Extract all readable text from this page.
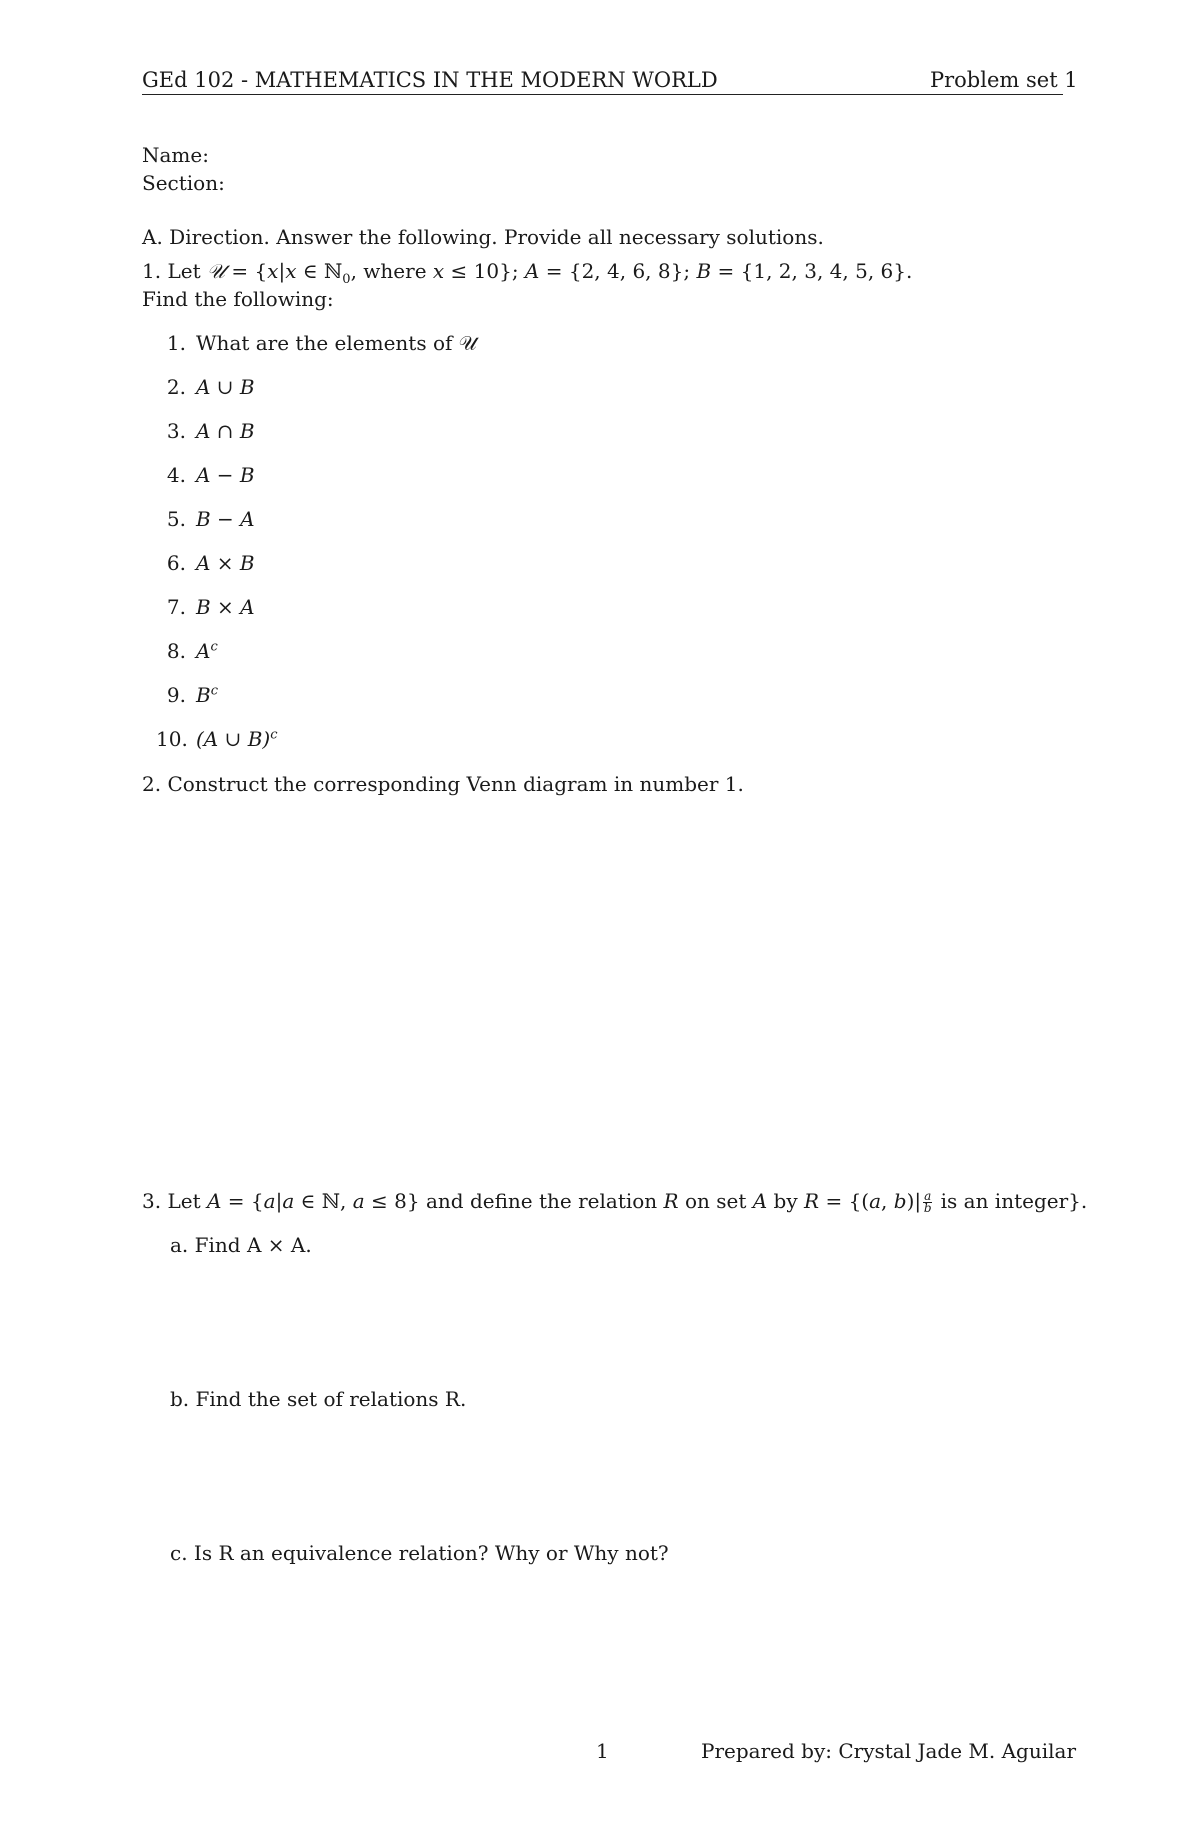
GEd 102 - MATHEMATICS IN THE MODERN WORLD	Problem set 1
Name:
Section:
A. Direction. Answer the following. Provide all necessary solutions.
1. Let 𝒰 = {x|x ∈ ℕ$_0$, where x ≤ 10}; A = {2, 4, 6, 8}; B = {1, 2, 3, 4, 5, 6}.
Find the following:
1. What are the elements of 𝒰
2. A ∪ B
3. A ∩ B
4. A − B
5. B − A
6. A × B
7. B × A
8. $A^c$
9. $B^c$
10. (A ∪ B)$^c$
2. Construct the corresponding Venn diagram in number 1.
3. Let A = {a|a ∈ ℕ, a ≤ 8} and define the relation R on set A by R = {(a, $b)| \frac{a}{b}$ is an integer}.
a. Find A × A.
b. Find the set of relations R.
c. Is R an equivalence relation? Why or Why not?
1	Prepared by: Crystal Jade M. Aguilar
